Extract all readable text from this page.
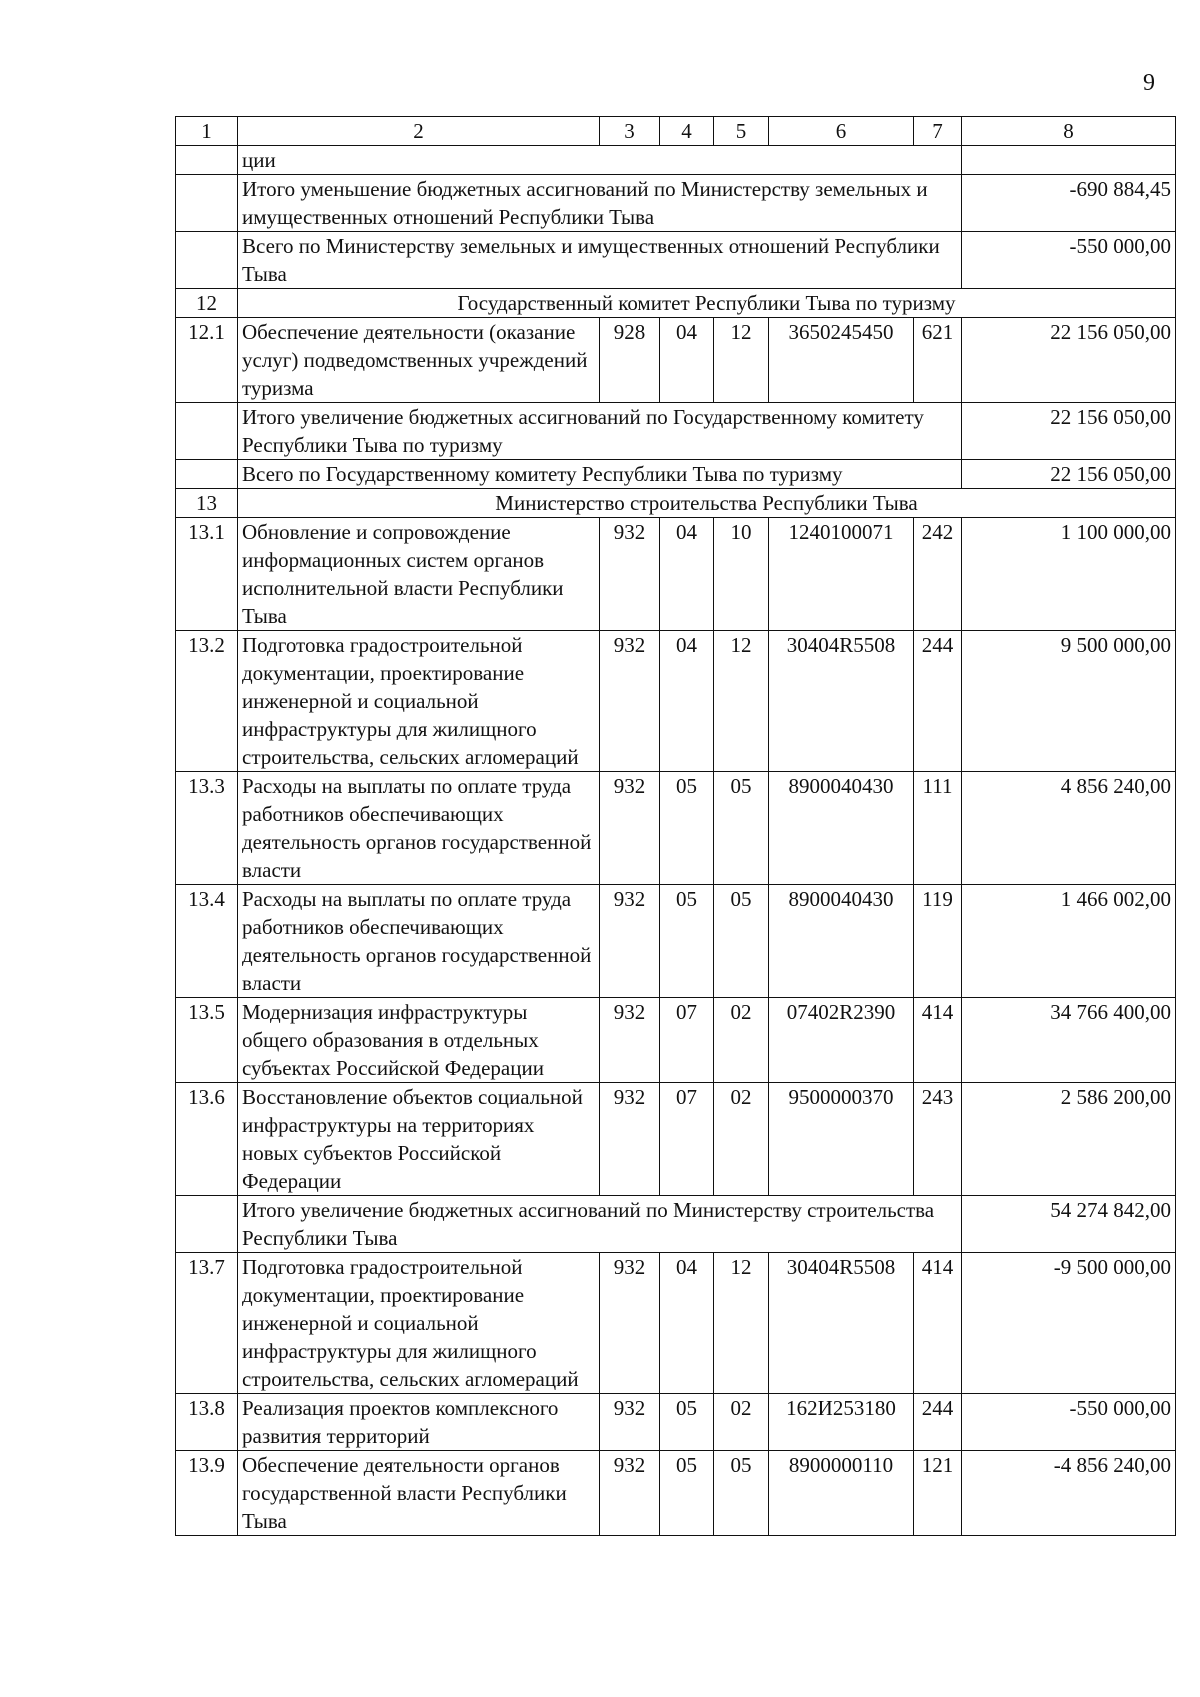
9
1	2	3	4	5	6	7	8
	ции						
	Итого уменьшение бюджетных ассигнований по Министерству земельных и имущественных отношений Республики Тыва						-690 884,45
	Всего по Министерству земельных и имущественных отношений Республики Тыва						-550 000,00
12	Государственный комитет Республики Тыва по туризму						
12.1	Обеспечение деятельности (оказание услуг) подведомственных учреждений туризма	928	04	12	3650245450	621	22 156 050,00
	Итого увеличение бюджетных ассигнований по Государственному комитету Республики Тыва по туризму						22 156 050,00
	Всего по Государственному комитету Республики Тыва по туризму						22 156 050,00
13	Министерство строительства Республики Тыва						
13.1	Обновление и сопровождение информационных систем органов исполнительной власти Республики Тыва	932	04	10	1240100071	242	1 100 000,00
13.2	Подготовка градостроительной документации, проектирование инженерной и социальной инфраструктуры для жилищного строительства, сельских агломераций	932	04	12	30404R5508	244	9 500 000,00
13.3	Расходы на выплаты по оплате труда работников обеспечивающих деятельность органов государственной власти	932	05	05	8900040430	111	4 856 240,00
13.4	Расходы на выплаты по оплате труда работников обеспечивающих деятельность органов государственной власти	932	05	05	8900040430	119	1 466 002,00
13.5	Модернизация инфраструктуры общего образования в отдельных субъектах Российской Федерации	932	07	02	07402R2390	414	34 766 400,00
13.6	Восстановление объектов социальной инфраструктуры на территориях новых субъектов Российской Федерации	932	07	02	9500000370	243	2 586 200,00
	Итого увеличение бюджетных ассигнований по Министерству строительства Республики Тыва						54 274 842,00
13.7	Подготовка градостроительной документации, проектирование инженерной и социальной инфраструктуры для жилищного строительства, сельских агломераций	932	04	12	30404R5508	414	-9 500 000,00
13.8	Реализация проектов комплексного развития территорий	932	05	02	162И253180	244	-550 000,00
13.9	Обеспечение деятельности органов государственной власти Республики Тыва	932	05	05	8900000110	121	-4 856 240,00
